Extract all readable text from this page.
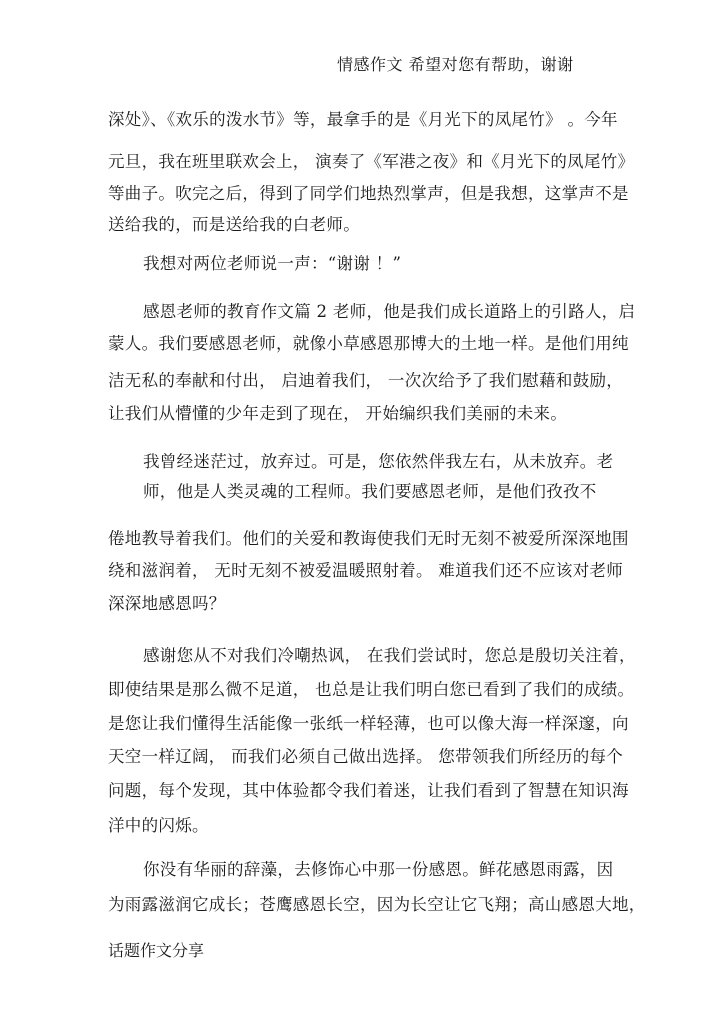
情感作文 希望对您有帮助，谢谢
深处》、《欢乐的泼水节》等，最拿手的是《月光下的凤尾竹》 。今年
元旦，我在班里联欢会上， 演奏了《军港之夜》和《月光下的凤尾竹》
等曲子。吹完之后，得到了同学们地热烈掌声，但是我想，这掌声不是
送给我的，而是送给我的白老师。
我想对两位老师说一声：“谢谢 ！”
感恩老师的教育作文篇 2 老师，他是我们成长道路上的引路人，启
蒙人。我们要感恩老师，就像小草感恩那博大的土地一样。是他们用纯
洁无私的奉献和付出， 启迪着我们， 一次次给予了我们慰藉和鼓励，
让我们从懵懂的少年走到了现在， 开始编织我们美丽的未来。
我曾经迷茫过，放弃过。可是，您依然伴我左右，从未放弃。老
师，他是人类灵魂的工程师。我们要感恩老师，是他们孜孜不
倦地教导着我们。他们的关爱和教诲使我们无时无刻不被爱所深深地围
绕和滋润着， 无时无刻不被爱温暖照射着。 难道我们还不应该对老师
深深地感恩吗？
感谢您从不对我们冷嘲热讽， 在我们尝试时，您总是殷切关注着，
即使结果是那么微不足道， 也总是让我们明白您已看到了我们的成绩。
是您让我们懂得生活能像一张纸一样轻薄，也可以像大海一样深邃，向
天空一样辽阔， 而我们必须自己做出选择。 您带领我们所经历的每个
问题，每个发现，其中体验都令我们着迷，让我们看到了智慧在知识海
洋中的闪烁。
你没有华丽的辞藻，去修饰心中那一份感恩。鲜花感恩雨露，因
为雨露滋润它成长；苍鹰感恩长空，因为长空让它飞翔；高山感恩大地，
话题作文分享
